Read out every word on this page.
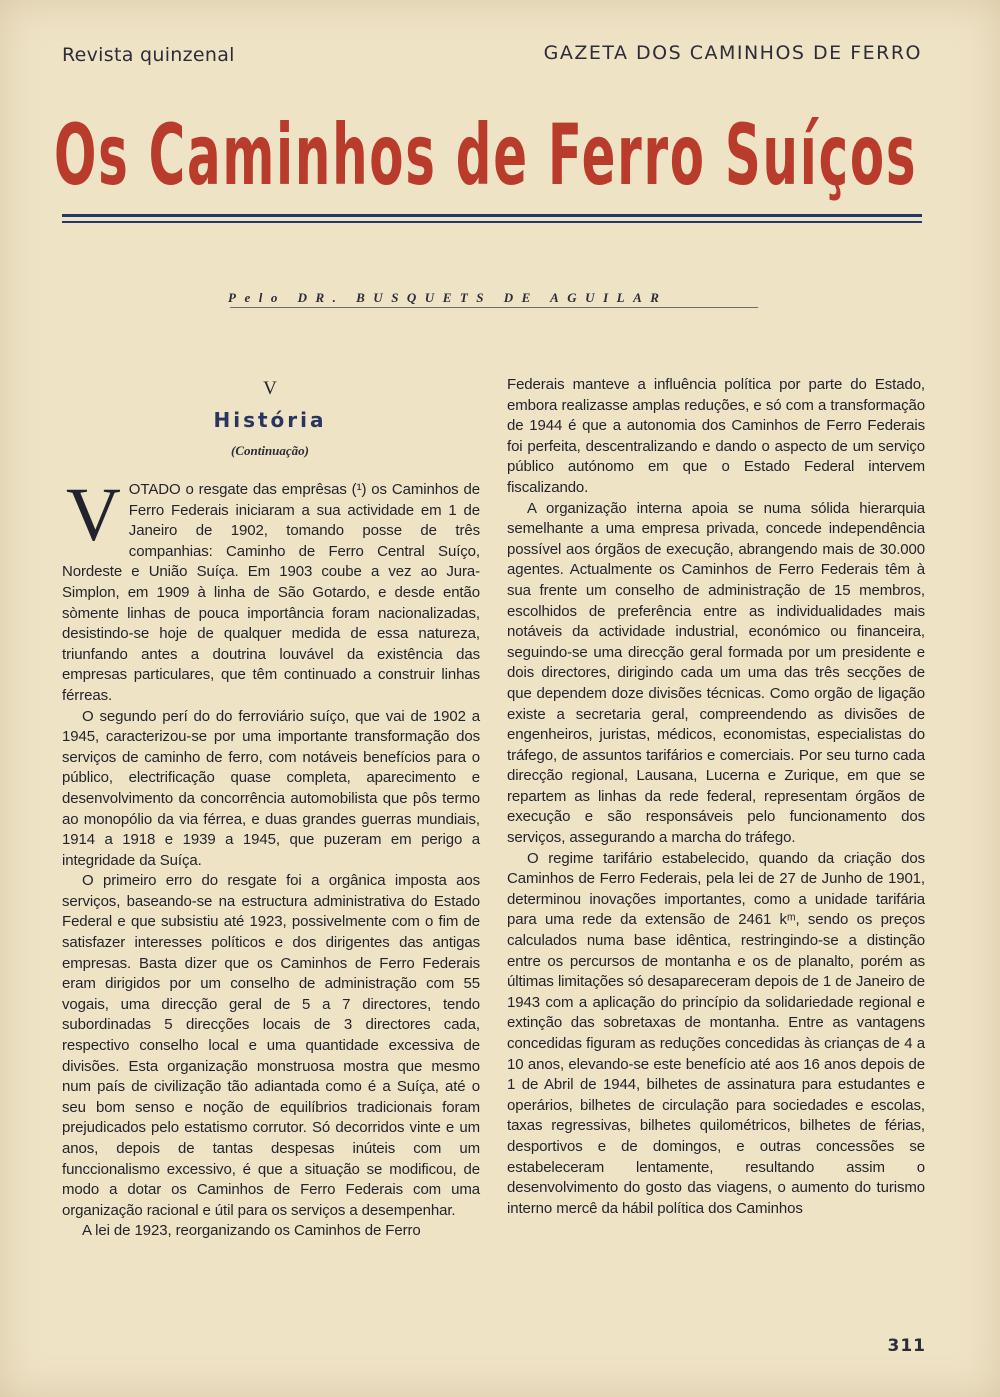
Revista quinzenal	GAZETA DOS CAMINHOS DE FERRO
Os Caminhos de Ferro Suíços
Pelo DR. BUSQUETS DE AGUILAR
V
História
(Continuação)

VOTADO o resgate das emprêsas (¹) os Caminhos de Ferro Federais iniciaram a sua actividade em 1 de Janeiro de 1902, tomando posse de três companhias: Caminho de Ferro Central Suíço, Nordeste e União Suíça. Em 1903 coube a vez ao Jura-Simplon, em 1909 à linha de São Gotardo, e desde então sòmente linhas de pouca importância foram nacionalizadas, desistindo-se hoje de qualquer medida de essa natureza, triunfando antes a doutrina louvável da existência das empresas particulares, que têm continuado a construir linhas férreas.

O segundo perí do do ferroviário suíço, que vai de 1902 a 1945, caracterizou-se por uma importante transformação dos serviços de caminho de ferro, com notáveis benefícios para o público, electrificação quase completa, aparecimento e desenvolvimento da concorrência automobilista que pôs termo ao monopólio da via férrea, e duas grandes guerras mundiais, 1914 a 1918 e 1939 a 1945, que puzeram em perigo a integridade da Suíça.

O primeiro erro do resgate foi a orgânica imposta aos serviços, baseando-se na estructura administrativa do Estado Federal e que subsistiu até 1923, possivelmente com o fim de satisfazer interesses políticos e dos dirigentes das antigas empresas. Basta dizer que os Caminhos de Ferro Federais eram dirigidos por um conselho de administração com 55 vogais, uma direcção geral de 5 a 7 directores, tendo subordinadas 5 direcções locais de 3 directores cada, respectivo conselho local e uma quantidade excessiva de divisões. Esta organização monstruosa mostra que mesmo num país de civilização tão adiantada como é a Suíça, até o seu bom senso e noção de equilíbrios tradicionais foram prejudicados pelo estatismo corrutor. Só decorridos vinte e um anos, depois de tantas despesas inúteis com um funccionalismo excessivo, é que a situação se modificou, de modo a dotar os Caminhos de Ferro Federais com uma organização racional e útil para os serviços a desempenhar.

A lei de 1923, reorganizando os Caminhos de Ferro

Federais manteve a influência política por parte do Estado, embora realizasse amplas reduções, e só com a transformação de 1944 é que a autonomia dos Caminhos de Ferro Federais foi perfeita, descentralizando e dando o aspecto de um serviço público autónomo em que o Estado Federal intervem fiscalizando.

A organização interna apoia se numa sólida hierarquia semelhante a uma empresa privada, concede independência possível aos órgãos de execução, abrangendo mais de 30.000 agentes. Actualmente os Caminhos de Ferro Federais têm à sua frente um conselho de administração de 15 membros, escolhidos de preferência entre as individualidades mais notáveis da actividade industrial, económico ou financeira, seguindo-se uma direcção geral formada por um presidente e dois directores, dirigindo cada um uma das três secções de que dependem doze divisões técnicas. Como orgão de ligação existe a secretaria geral, compreendendo as divisões de engenheiros, juristas, médicos, economistas, especialistas do tráfego, de assuntos tarifários e comerciais. Por seu turno cada direcção regional, Lausana, Lucerna e Zurique, em que se repartem as linhas da rede federal, representam órgãos de execução e são responsáveis pelo funcionamento dos serviços, assegurando a marcha do tráfego.

O regime tarifário estabelecido, quando da criação dos Caminhos de Ferro Federais, pela lei de 27 de Junho de 1901, determinou inovações importantes, como a unidade tarifária para uma rede da extensão de 2461 kᵐ, sendo os preços calculados numa base idêntica, restringindo-se a distinção entre os percursos de montanha e os de planalto, porém as últimas limitações só desapareceram depois de 1 de Janeiro de 1943 com a aplicação do princípio da solidariedade regional e extinção das sobretaxas de montanha. Entre as vantagens concedidas figuram as reduções concedidas às crianças de 4 a 10 anos, elevando-se este benefício até aos 16 anos depois de 1 de Abril de 1944, bilhetes de assinatura para estudantes e operários, bilhetes de circulação para sociedades e escolas, taxas regressivas, bilhetes quilométricos, bilhetes de férias, desportivos e de domingos, e outras concessões se estabeleceram lentamente, resultando assim o desenvolvimento do gosto das viagens, o aumento do turismo interno mercê da hábil política dos Caminhos

311
